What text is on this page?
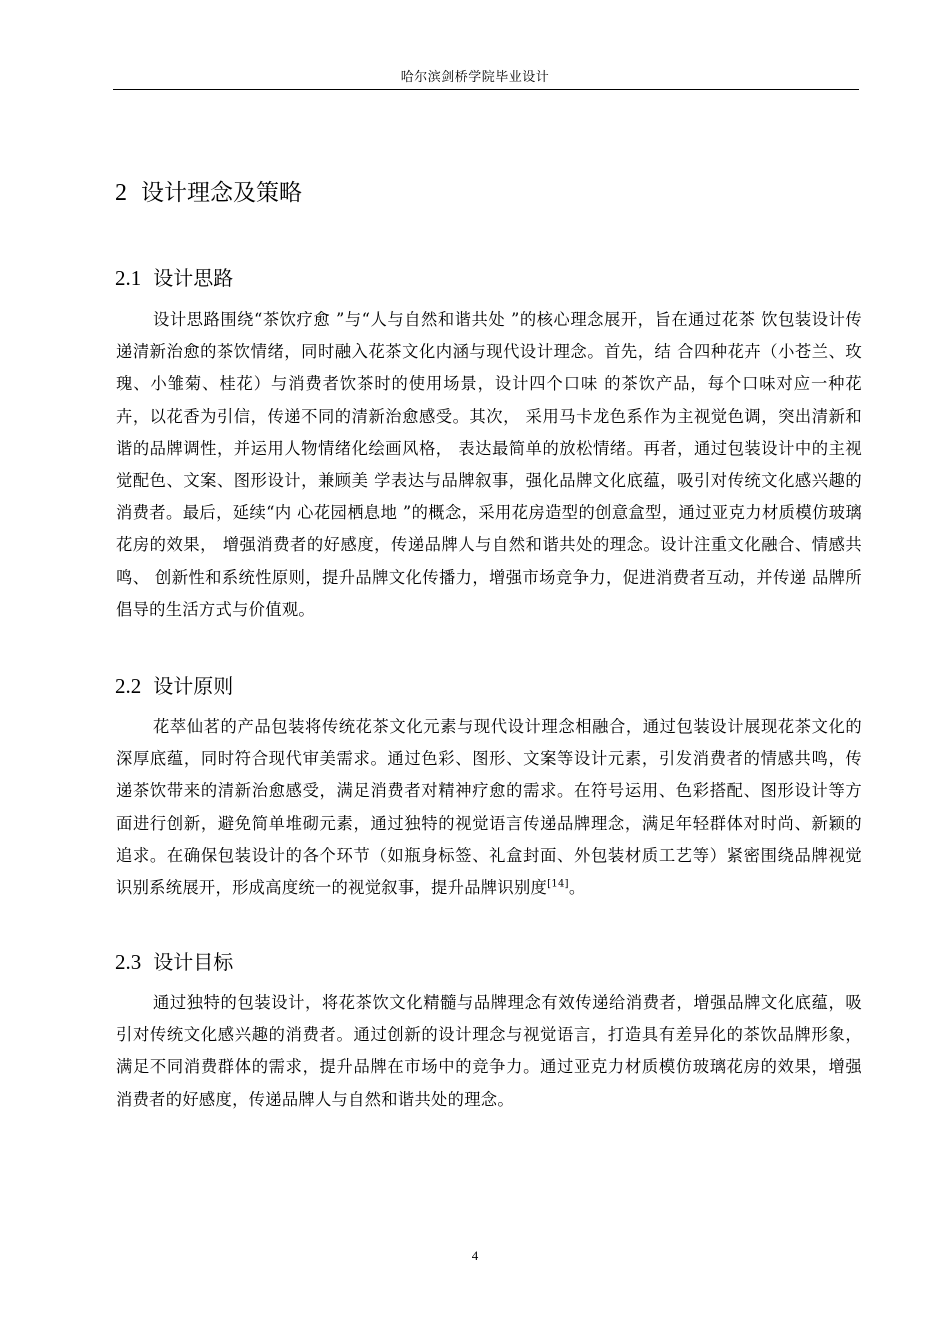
哈尔滨剑桥学院毕业设计
2 设计理念及策略
2.1 设计思路

设计思路围绕“茶饮疗愈 ”与“人与自然和谐共处 ”的核心理念展开，旨在通过花茶 饮包装设计传递清新治愈的茶饮情绪，同时融入花茶文化内涵与现代设计理念。首先，结 合四种花卉（小苍兰、玫瑰、小雏菊、桂花）与消费者饮茶时的使用场景，设计四个口味 的茶饮产品，每个口味对应一种花卉，以花香为引信，传递不同的清新治愈感受。其次， 采用马卡龙色系作为主视觉色调，突出清新和谐的品牌调性，并运用人物情绪化绘画风格， 表达最简单的放松情绪。再者，通过包装设计中的主视觉配色、文案、图形设计，兼顾美 学表达与品牌叙事，强化品牌文化底蕴，吸引对传统文化感兴趣的消费者。最后，延续“内 心花园栖息地 ”的概念，采用花房造型的创意盒型，通过亚克力材质模仿玻璃花房的效果， 增强消费者的好感度，传递品牌人与自然和谐共处的理念。设计注重文化融合、情感共鸣、 创新性和系统性原则，提升品牌文化传播力，增强市场竞争力，促进消费者互动，并传递 品牌所倡导的生活方式与价值观。

2.2 设计原则

花萃仙茗的产品包装将传统花茶文化元素与现代设计理念相融合，通过包装设计展现花茶文化的深厚底蕴，同时符合现代审美需求。通过色彩、图形、文案等设计元素，引发消费者的情感共鸣，传递茶饮带来的清新治愈感受，满足消费者对精神疗愈的需求。在符号运用、色彩搭配、图形设计等方面进行创新，避免简单堆砌元素，通过独特的视觉语言传递品牌理念，满足年轻群体对时尚、新颖的追求。在确保包装设计的各个环节（如瓶身标签、礼盒封面、外包装材质工艺等）紧密围绕品牌视觉识别系统展开，形成高度统一的视觉叙事，提升品牌识别度[14]。

2.3 设计目标

通过独特的包装设计，将花茶饮文化精髓与品牌理念有效传递给消费者，增强品牌文化底蕴，吸引对传统文化感兴趣的消费者。通过创新的设计理念与视觉语言，打造具有差异化的茶饮品牌形象，满足不同消费群体的需求，提升品牌在市场中的竞争力。通过亚克力材质模仿玻璃花房的效果，增强消费者的好感度，传递品牌人与自然和谐共处的理念。

4
